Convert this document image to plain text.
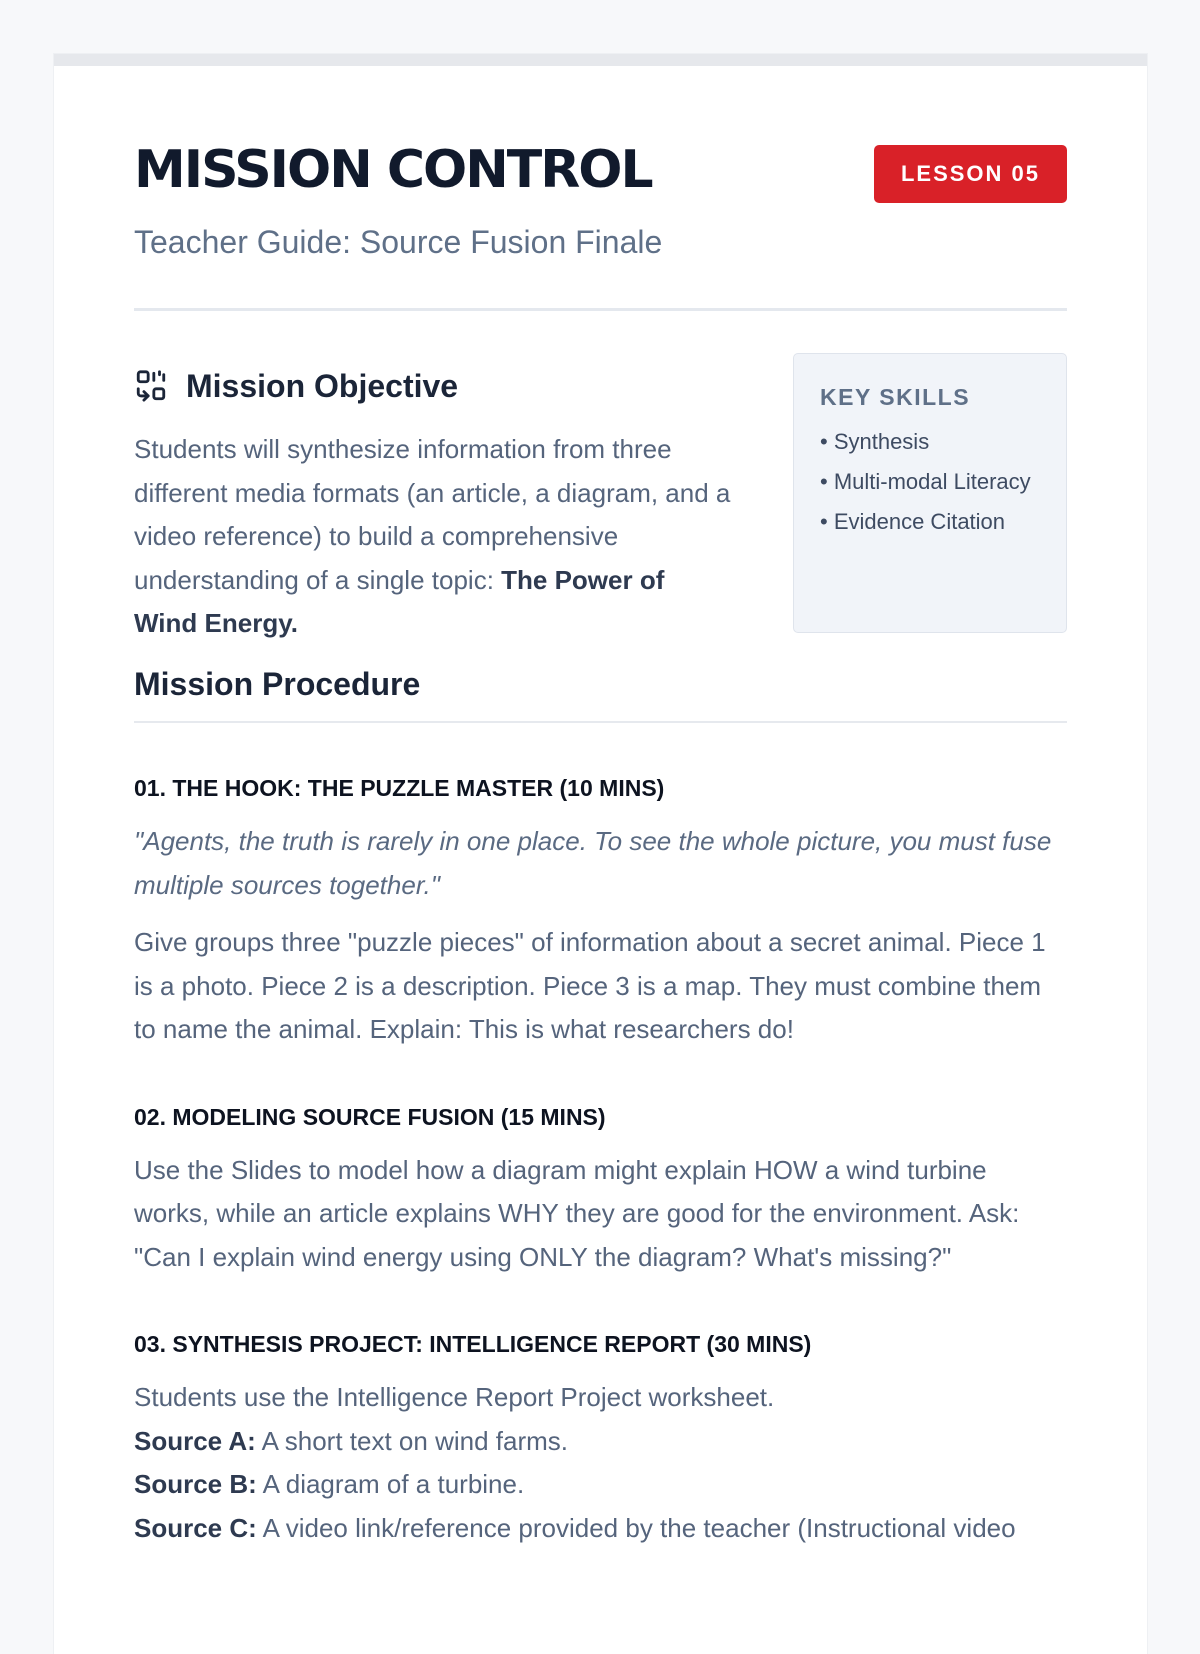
MISSION CONTROL
Teacher Guide: Source Fusion Finale
LESSON 05
Mission Objective

Students will synthesize information from three different media formats (an article, a diagram, and a video reference) to build a comprehensive understanding of a single topic: The Power of Wind Energy.

KEY SKILLS
• Synthesis
• Multi-modal Literacy
• Evidence Citation
Mission Procedure
01. THE HOOK: THE PUZZLE MASTER (10 MINS)

"Agents, the truth is rarely in one place. To see the whole picture, you must fuse multiple sources together."

Give groups three "puzzle pieces" of information about a secret animal. Piece 1 is a photo. Piece 2 is a description. Piece 3 is a map. They must combine them to name the animal. Explain: This is what researchers do!

02. MODELING SOURCE FUSION (15 MINS)

Use the Slides to model how a diagram might explain HOW a wind turbine works, while an article explains WHY they are good for the environment. Ask: "Can I explain wind energy using ONLY the diagram? What's missing?"

03. SYNTHESIS PROJECT: INTELLIGENCE REPORT (30 MINS)
Students use the Intelligence Report Project worksheet.
Source A: A short text on wind farms.
Source B: A diagram of a turbine.
Source C: A video link/reference provided by the teacher (Instructional video
